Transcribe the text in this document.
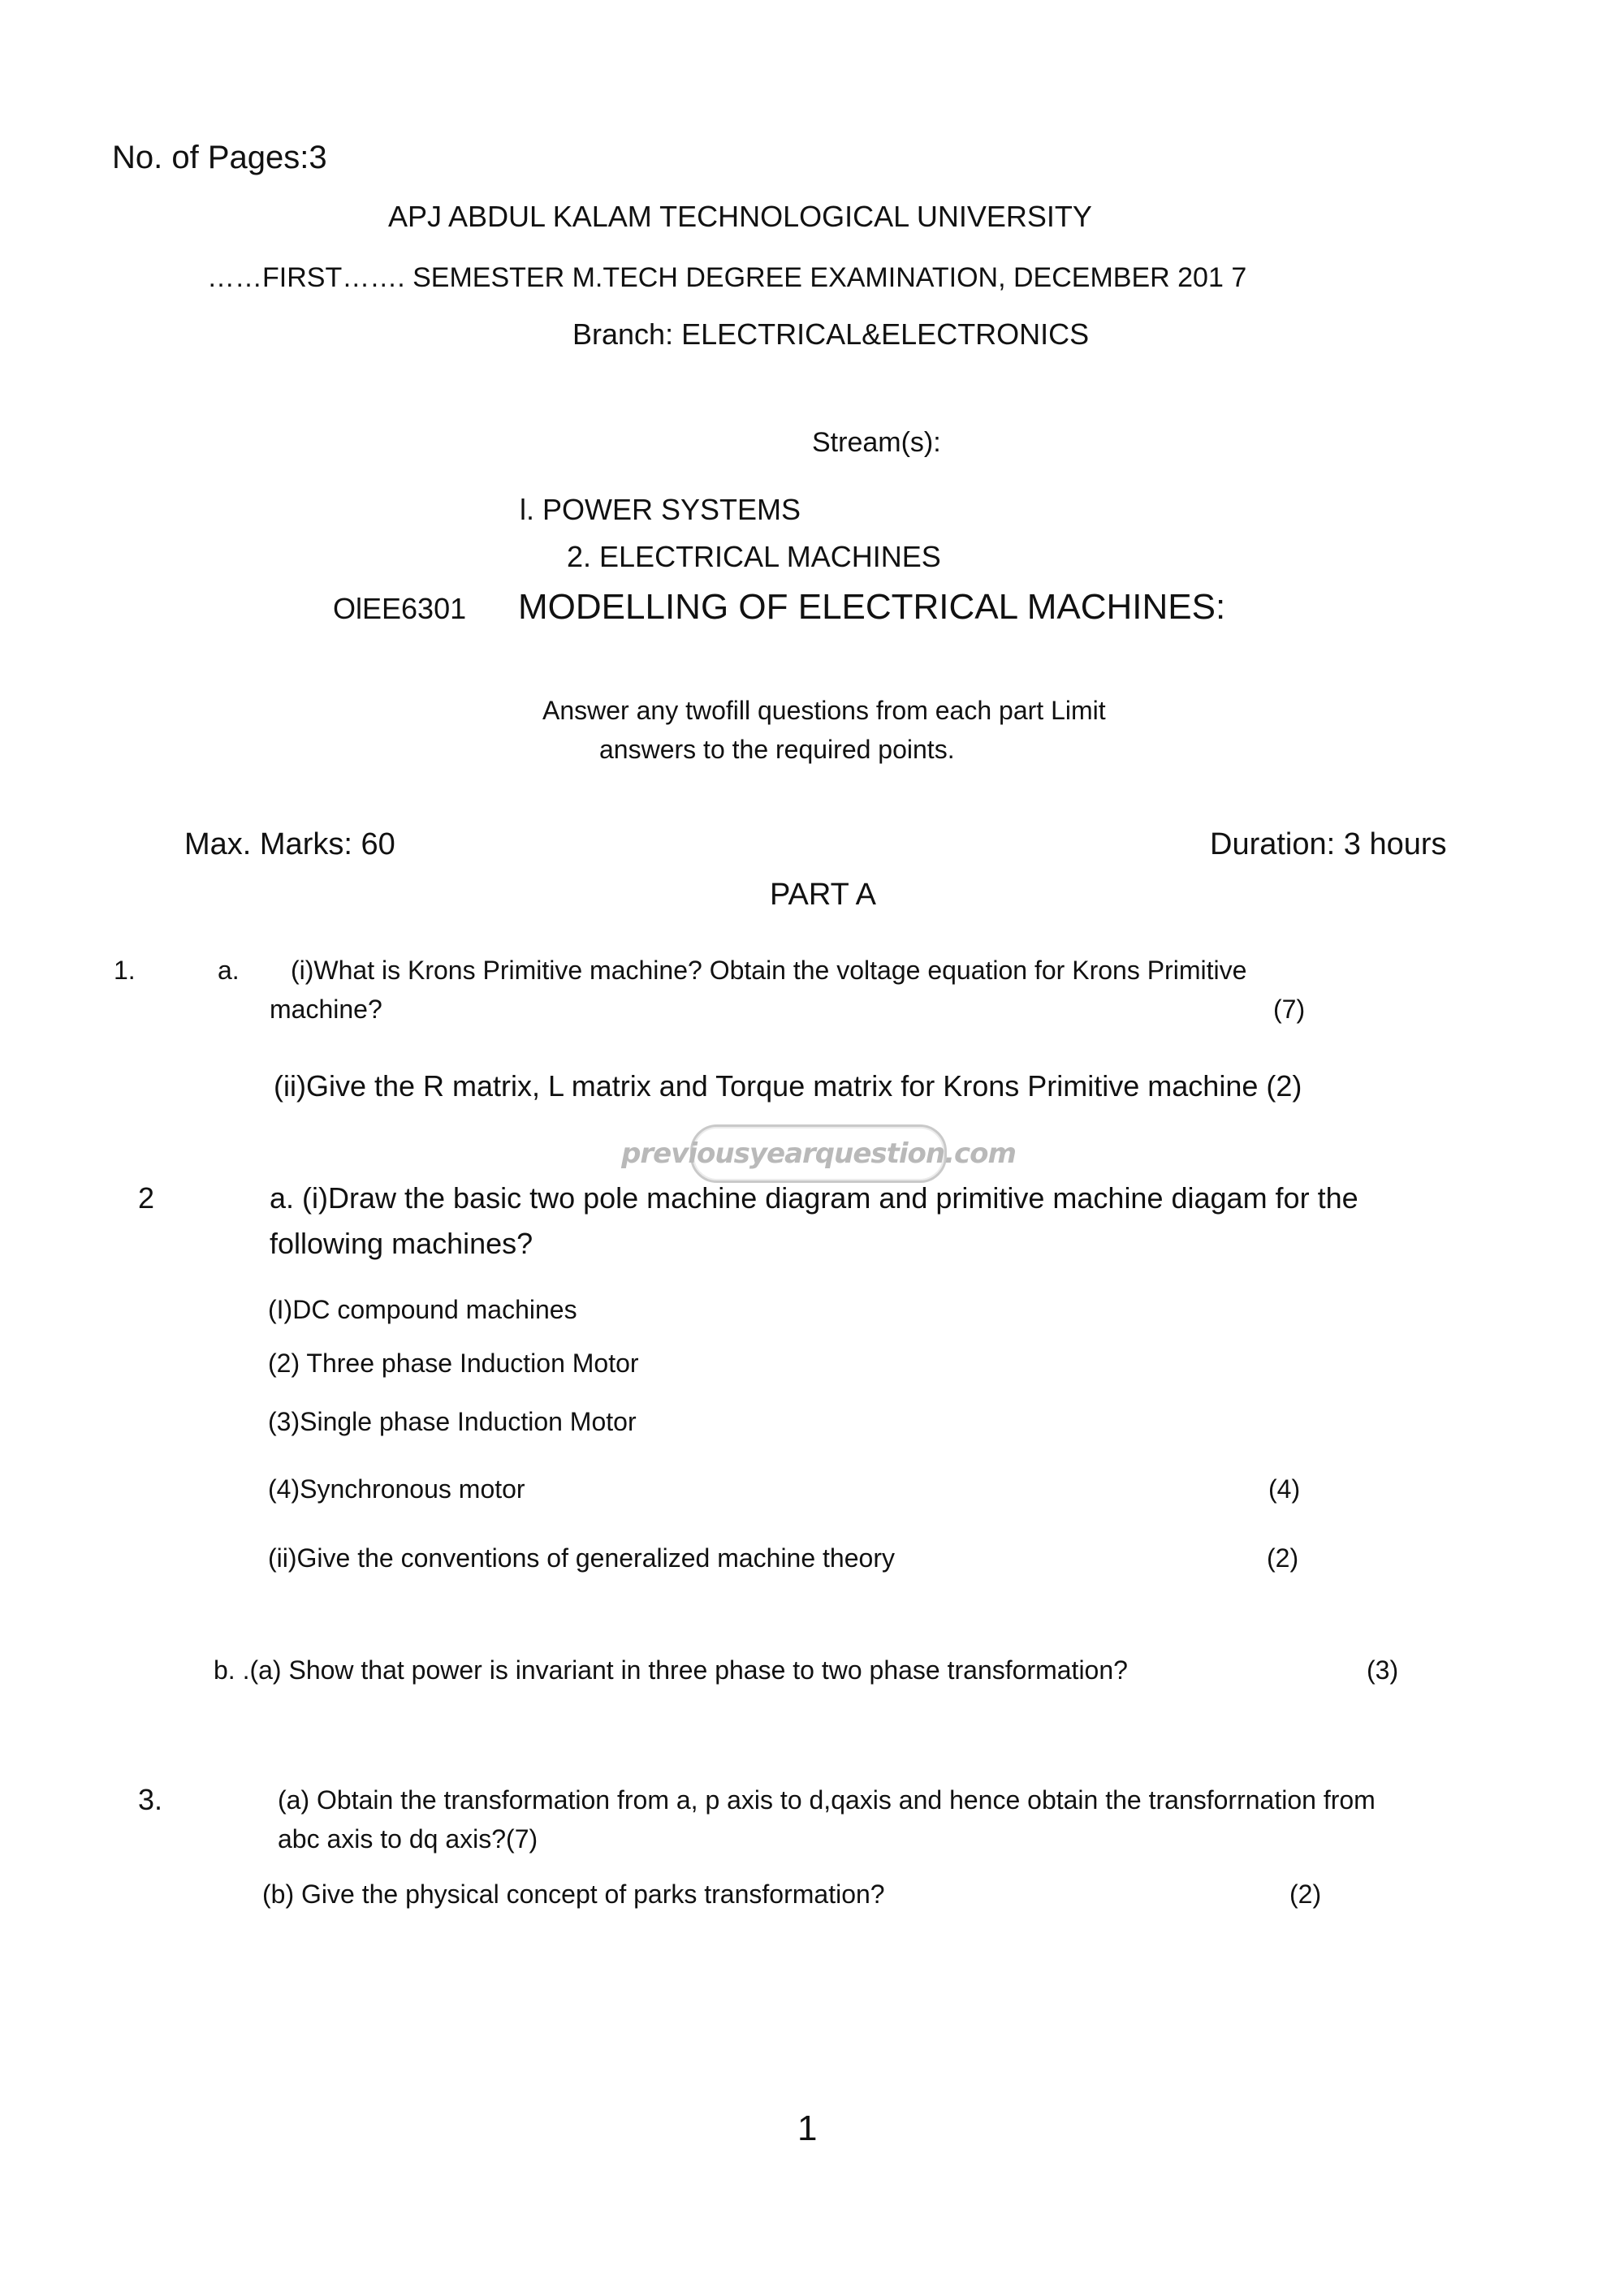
No. of Pages:3
APJ ABDUL KALAM TECHNOLOGICAL UNIVERSITY
……FIRST……. SEMESTER M.TECH DEGREE EXAMINATION, DECEMBER 201 7
Branch: ELECTRICAL&ELECTRONICS
Stream(s):
l. POWER SYSTEMS
2. ELECTRICAL MACHINES
OlEE6301 MODELLING OF ELECTRICAL MACHINES:
Answer any twofill questions from each part Limit
answers to the required points.
Max. Marks: 60	Duration: 3 hours
PART A
1.	a. (i)What is Krons Primitive machine? Obtain the voltage equation for Krons Primitive
machine?	(7)
(ii)Give the R matrix, L matrix and Torque matrix for Krons Primitive machine (2)
previousyearquestion.com
2	a. (i)Draw the basic two pole machine diagram and primitive machine diagam for the
following machines?
(I)DC compound machines
(2) Three phase Induction Motor
(3)Single phase Induction Motor
(4)Synchronous motor	(4)
(ii)Give the conventions of generalized machine theory	(2)
b. .(a) Show that power is invariant in three phase to two phase transformation?	(3)
3.	(a) Obtain the transformation from a, p axis to d,qaxis and hence obtain the transforrnation from
abc axis to dq axis?(7)
(b) Give the physical concept of parks transformation?	(2)
1
